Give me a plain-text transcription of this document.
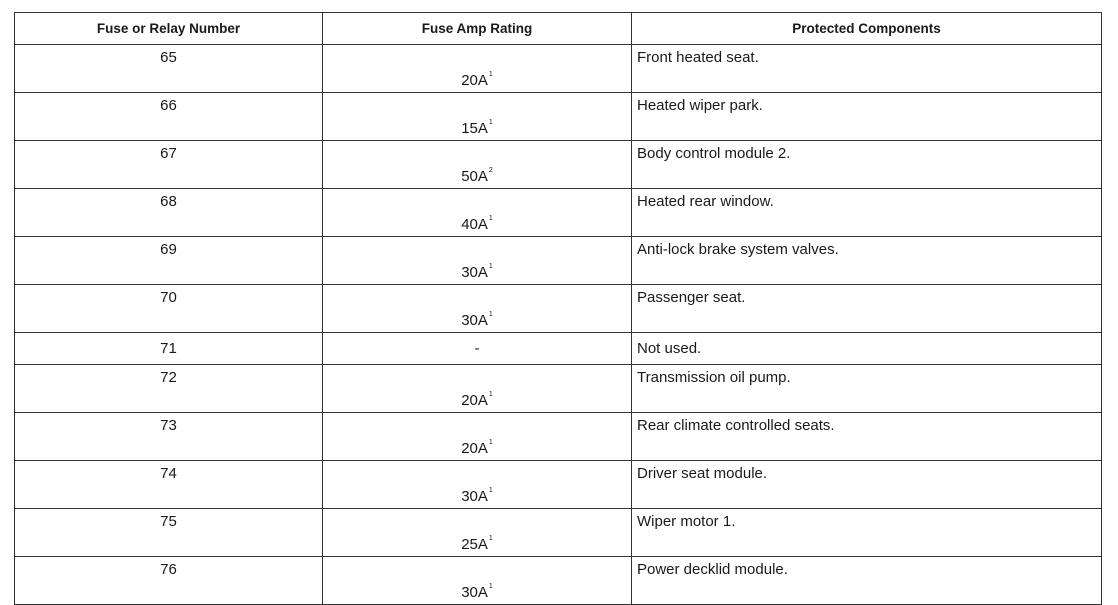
Fuse or Relay Number	Fuse Amp Rating	Protected Components
65	$20A^1$	Front heated seat.
66	$15A^1$	Heated wiper park.
67	$50A^2$	Body control module 2.
68	$40A^1$	Heated rear window.
69	$30A^1$	Anti-lock brake system valves.
70	$30A^1$	Passenger seat.
71	-	Not used.
72	$20A^1$	Transmission oil pump.
73	$20A^1$	Rear climate controlled seats.
74	$30A^1$	Driver seat module.
75	$25A^1$	Wiper motor 1.
76	$30A^1$	Power decklid module.
